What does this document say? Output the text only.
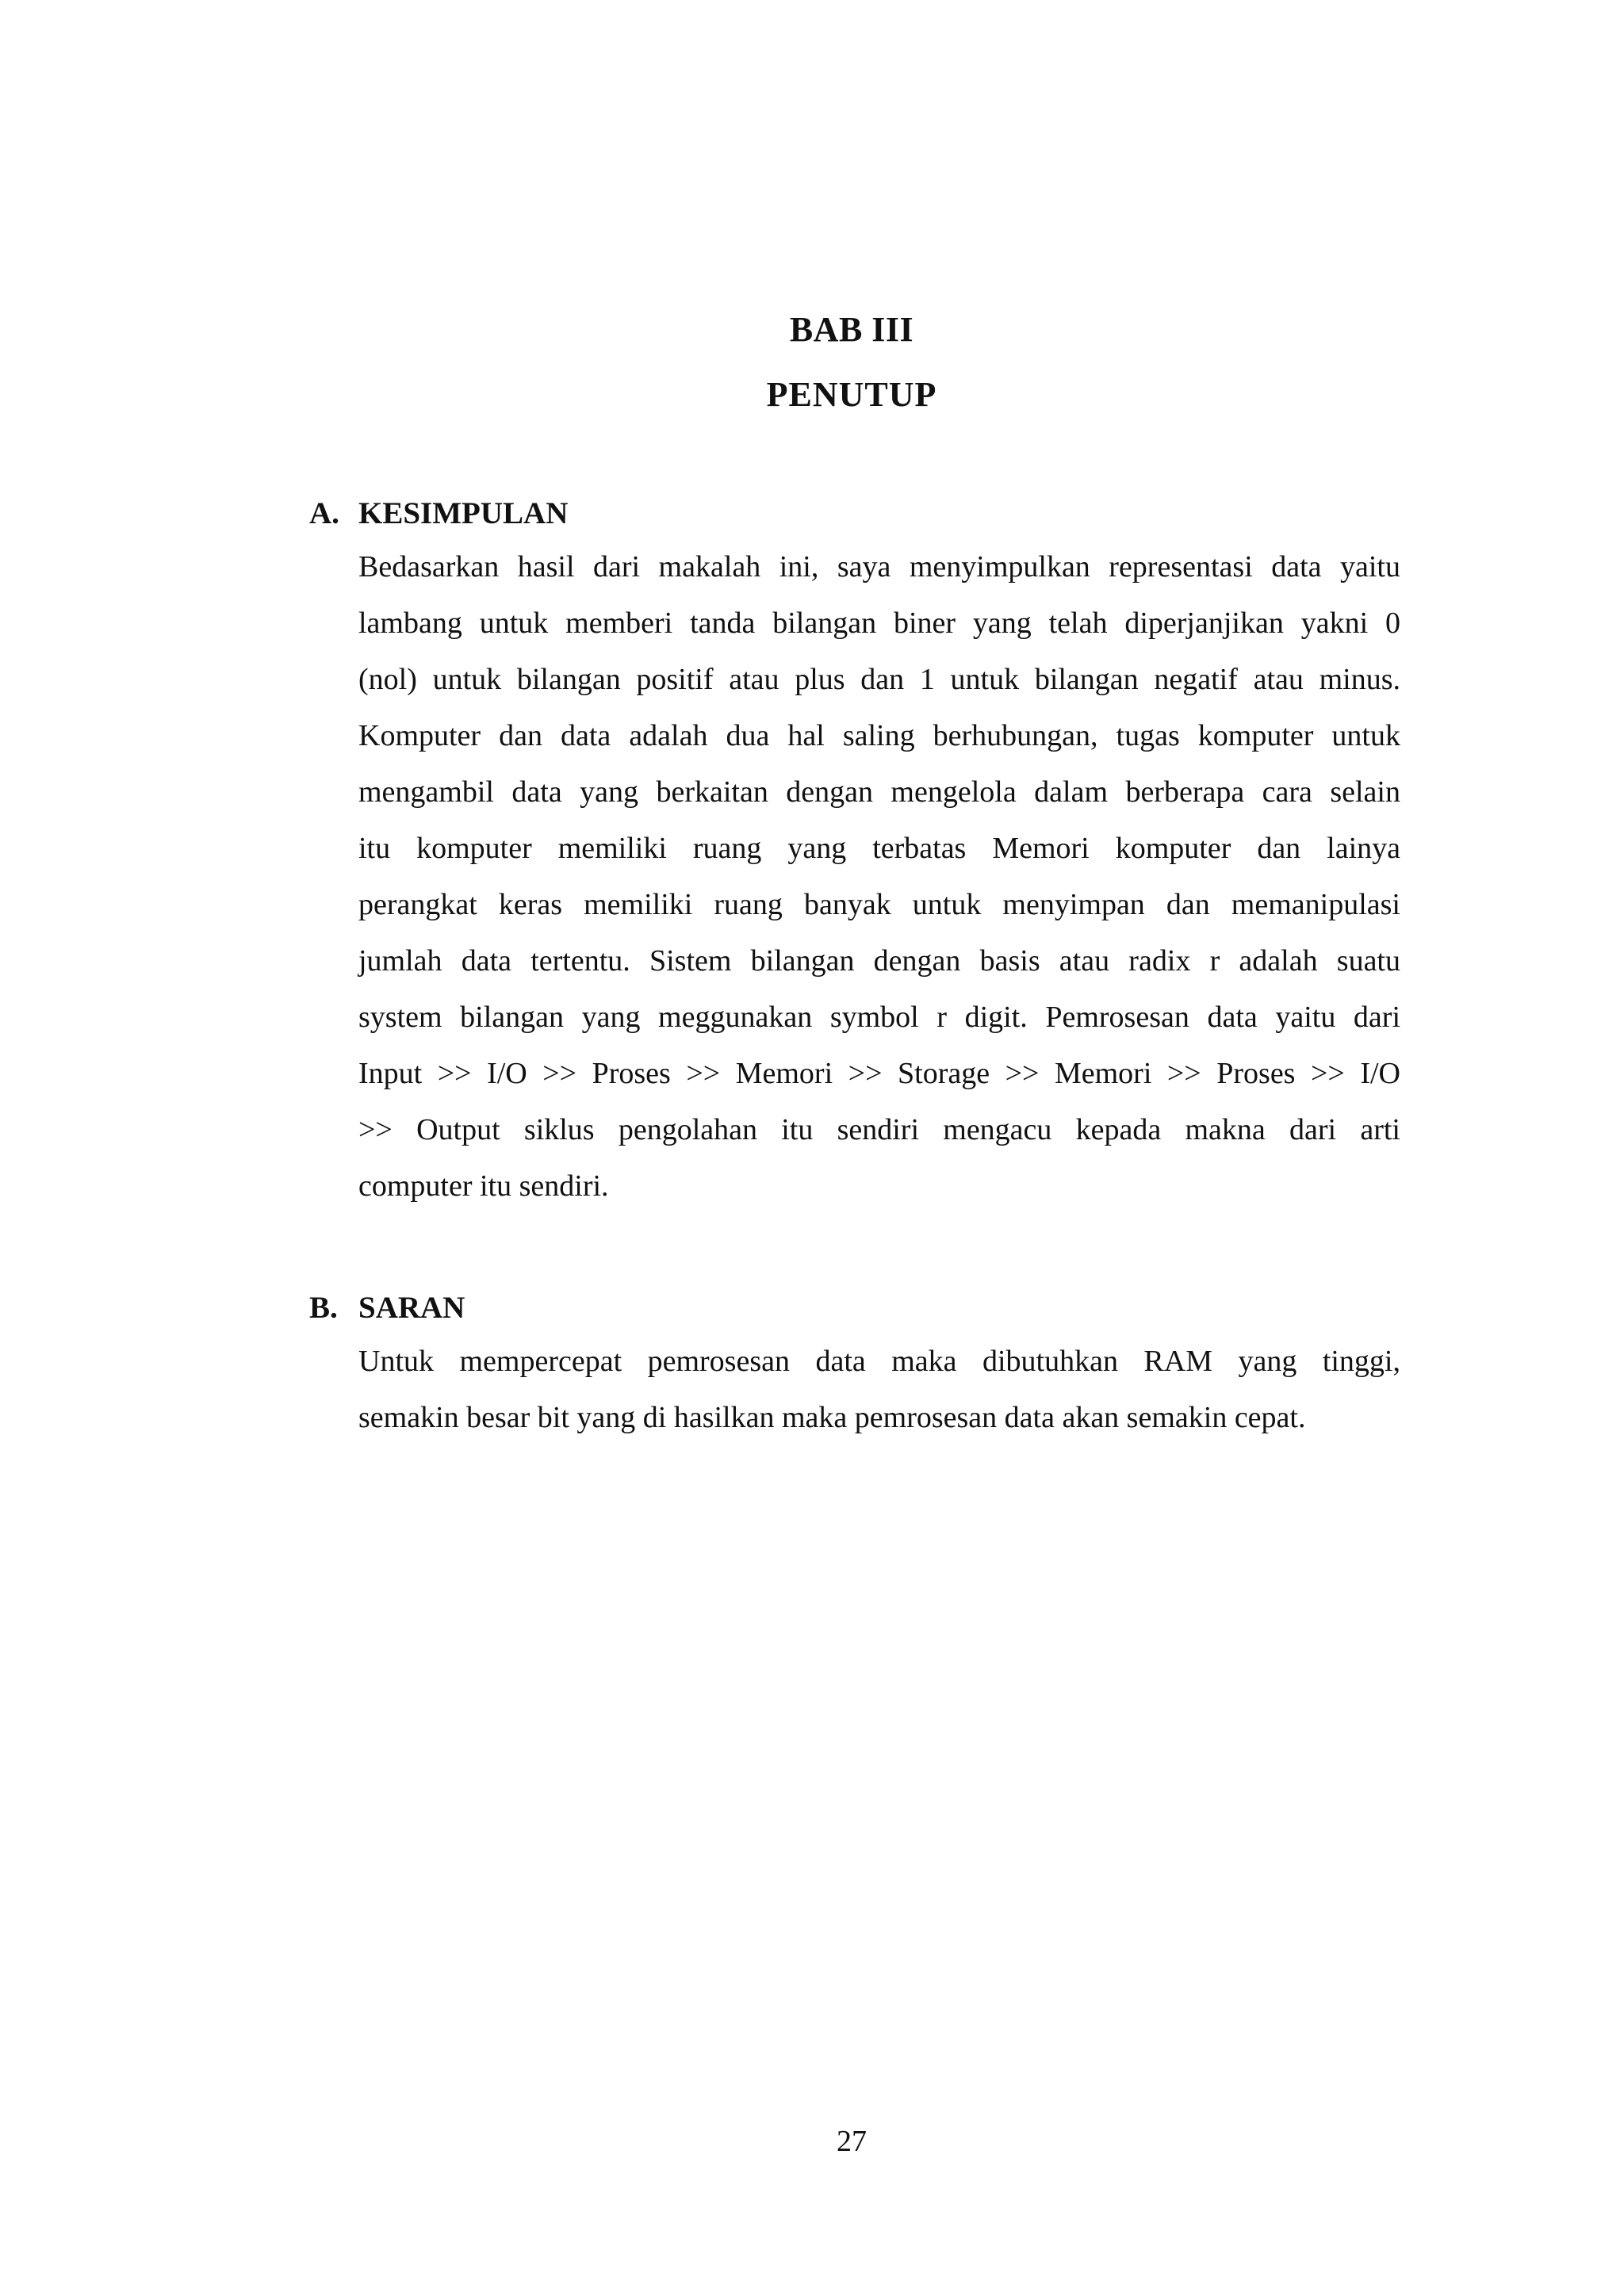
BAB III
PENUTUP
A. KESIMPULAN
Bedasarkan hasil dari makalah ini, saya menyimpulkan representasi data yaitu
lambang untuk memberi tanda bilangan biner yang telah diperjanjikan yakni 0
(nol) untuk bilangan positif atau plus dan 1 untuk bilangan negatif atau minus.
Komputer dan data adalah dua hal saling berhubungan, tugas komputer untuk
mengambil data yang berkaitan dengan mengelola dalam berberapa cara selain
itu komputer memiliki ruang yang terbatas Memori komputer dan lainya
perangkat keras memiliki ruang banyak untuk menyimpan dan memanipulasi
jumlah data tertentu. Sistem bilangan dengan basis atau radix r adalah suatu
system bilangan yang meggunakan symbol r digit. Pemrosesan data yaitu dari
Input >> I/O >> Proses >> Memori >> Storage >> Memori >> Proses >> I/O
>> Output siklus pengolahan itu sendiri mengacu kepada makna dari arti
computer itu sendiri.
B. SARAN
Untuk mempercepat pemrosesan data maka dibutuhkan RAM yang tinggi,
semakin besar bit yang di hasilkan maka pemrosesan data akan semakin cepat.
27
